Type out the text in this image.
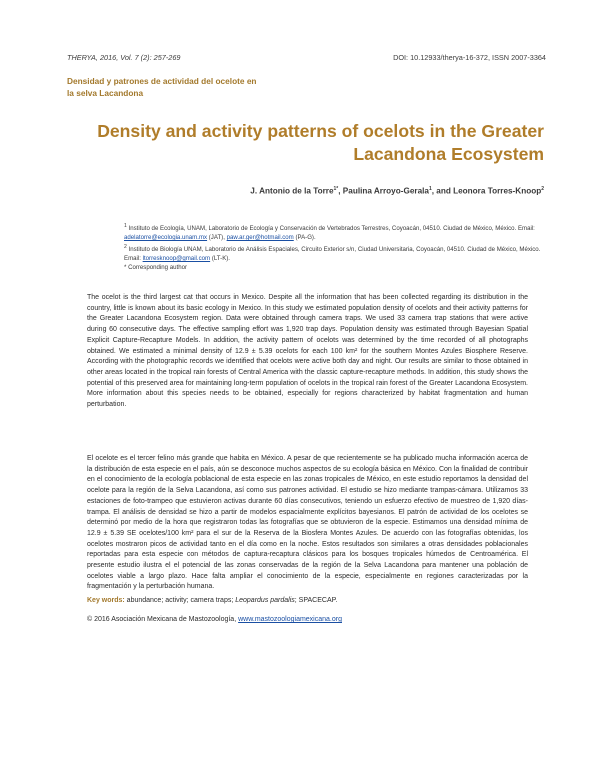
THERYA, 2016, Vol. 7 (2): 257-269	DOI: 10.12933/therya-16-372, ISSN 2007-3364
Densidad y patrones de actividad del ocelote en la selva Lacandona
Density and activity patterns of ocelots in the Greater Lacandona Ecosystem
J. Antonio de la Torre$^{1*}$, Paulina Arroyo-Gerala$^1$, and Leonora Torres-Knoop$^2$

$^1$ Instituto de Ecología, UNAM, Laboratorio de Ecología y Conservación de Vertebrados Terrestres, Coyoacán, 04510. Ciudad de México, México. Email: adelatorre@ecologia.unam.mx (JAT), paw.ar.ger@hotmail.com (PA-G).

$^2$ Instituto de Biología UNAM, Laboratorio de Análisis Espaciales, Circuito Exterior s/n, Ciudad Universitaria, Coyoacán, 04510. Ciudad de México, México. Email: ltorresknoop@gmail.com (LT-K).

* Corresponding author

The ocelot is the third largest cat that occurs in Mexico. Despite all the information that has been collected regarding its distribution in the country, little is known about its basic ecology in Mexico. In this study we estimated population density of ocelots and their activity patterns for the Greater Lacandona Ecosystem region. Data were obtained through camera traps. We used 33 camera trap stations that were active during 60 consecutive days. The effective sampling effort was 1,920 trap days. Population density was estimated through Bayesian Spatial Explicit Capture-Recapture Models. In addition, the activity pattern of ocelots was determined by the time recorded of all photographs obtained. We estimated a minimal density of 12.9 ± 5.39 ocelots for each 100 km² for the southern Montes Azules Biosphere Reserve. According with the photographic records we identified that ocelots were active both day and night. Our results are similar to those obtained in other areas located in the tropical rain forests of Central America with the classic capture-recapture methods. In addition, this study shows the potential of this preserved area for maintaining long-term population of ocelots in the tropical rain forest of the Greater Lacandona Ecosystem. More information about this species needs to be obtained, especially for regions characterized by habitat fragmentation and human perturbation.

El ocelote es el tercer felino más grande que habita en México. A pesar de que recientemente se ha publicado mucha información acerca de la distribución de esta especie en el país, aún se desconoce muchos aspectos de su ecología básica en México. Con la finalidad de contribuir en el conocimiento de la ecología poblacional de esta especie en las zonas tropicales de México, en este estudio reportamos la densidad del ocelote para la región de la Selva Lacandona, así como sus patrones actividad. El estudio se hizo mediante trampas-cámara. Utilizamos 33 estaciones de foto-trampeo que estuvieron activas durante 60 días consecutivos, teniendo un esfuerzo efectivo de muestreo de 1,920 días-trampa. El análisis de densidad se hizo a partir de modelos espacialmente explícitos bayesianos. El patrón de actividad de los ocelotes se determinó por medio de la hora que registraron todas las fotografías que se obtuvieron de la especie. Estimamos una densidad mínima de 12.9 ± 5.39 SE ocelotes/100 km² para el sur de la Reserva de la Biosfera Montes Azules. De acuerdo con las fotografías obtenidas, los ocelotes mostraron picos de actividad tanto en el día como en la noche. Estos resultados son similares a otras densidades poblacionales reportadas para esta especie con métodos de captura-recaptura clásicos para los bosques tropicales húmedos de Centroamérica. El presente estudio ilustra el el potencial de las zonas conservadas de la región de la Selva Lacandona para mantener una población de ocelotes viable a largo plazo. Hace falta ampliar el conocimiento de la especie, especialmente en regiones caracterizadas por la fragmentación y la perturbación humana.

Key words: abundance; activity; camera traps; Leopardus pardalis; SPACECAP.
© 2016 Asociación Mexicana de Mastozoología, www.mastozoologiamexicana.org
